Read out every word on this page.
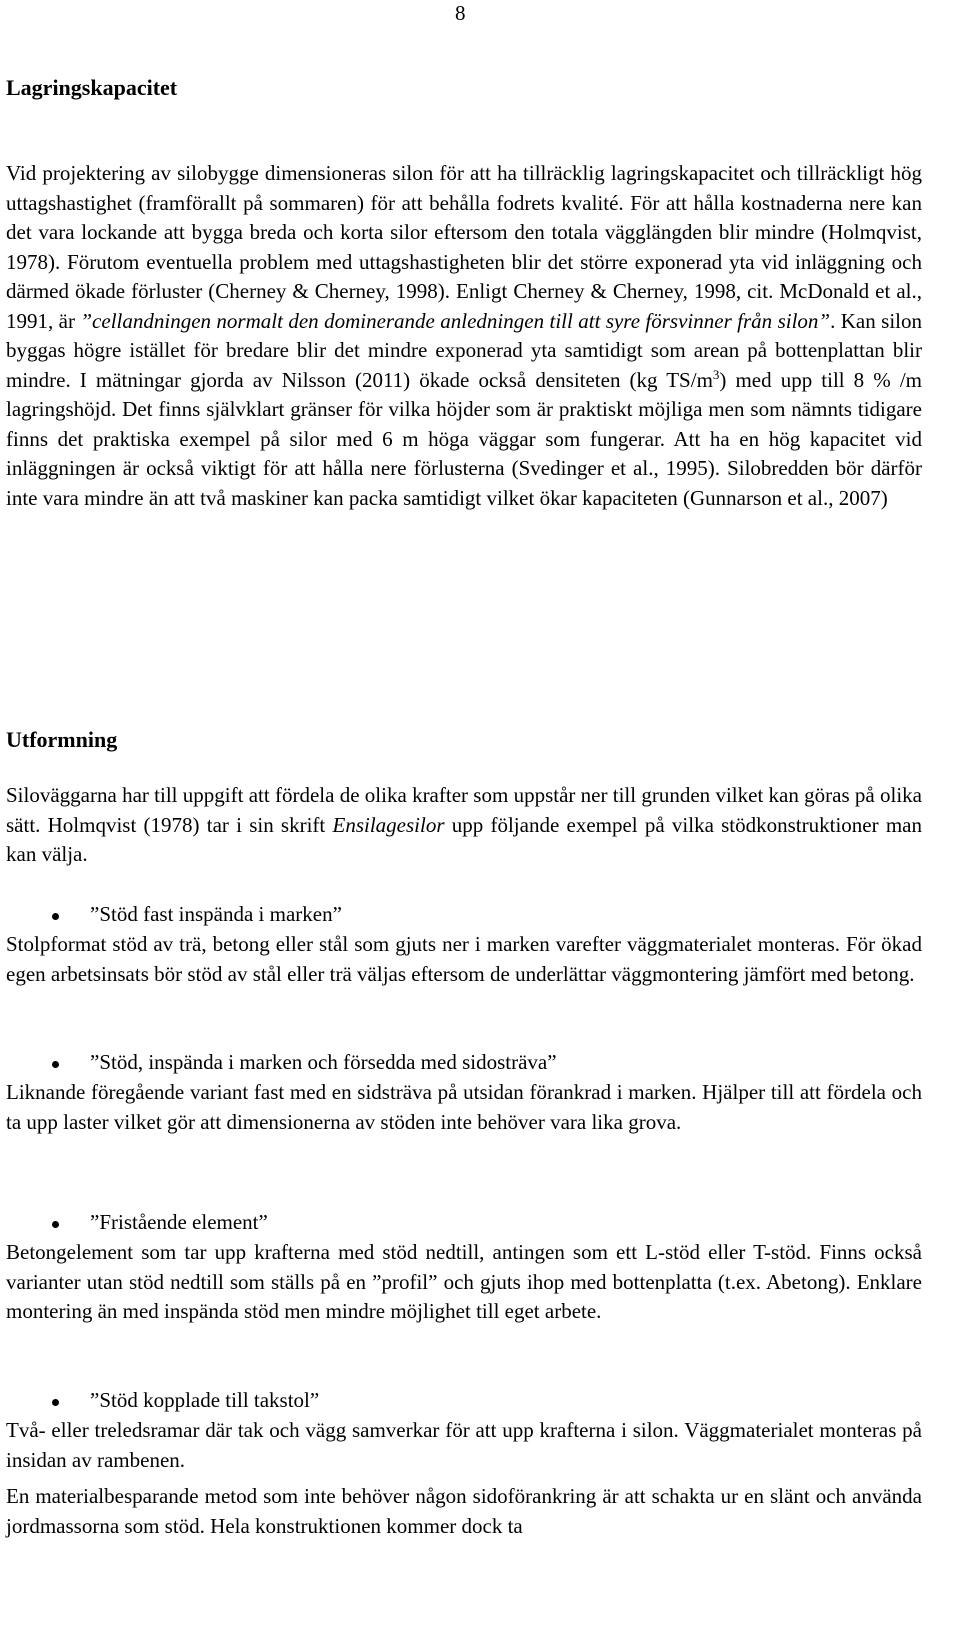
8
Lagringskapacitet
Vid projektering av silobygge dimensioneras silon för att ha tillräcklig lagringskapacitet och tillräckligt hög uttagshastighet (framförallt på sommaren) för att behålla fodrets kvalité. För att hålla kostnaderna nere kan det vara lockande att bygga breda och korta silor eftersom den totala vägglängden blir mindre (Holmqvist, 1978). Förutom eventuella problem med uttagshastigheten blir det större exponerad yta vid inläggning och därmed ökade förluster (Cherney & Cherney, 1998). Enligt Cherney & Cherney, 1998, cit. McDonald et al., 1991, är ”cellandningen normalt den dominerande anledningen till att syre försvinner från silon”. Kan silon byggas högre istället för bredare blir det mindre exponerad yta samtidigt som arean på bottenplattan blir mindre. I mätningar gjorda av Nilsson (2011) ökade också densiteten (kg $TS/m^3$) med upp till 8 % /m lagringshöjd. Det finns självklart gränser för vilka höjder som är praktiskt möjliga men som nämnts tidigare finns det praktiska exempel på silor med 6 m höga väggar som fungerar. Att ha en hög kapacitet vid inläggningen är också viktigt för att hålla nere förlusterna (Svedinger et al., 1995). Silobredden bör därför inte vara mindre än att två maskiner kan packa samtidigt vilket ökar kapaciteten (Gunnarson et al., 2007)
Utformning
Siloväggarna har till uppgift att fördela de olika krafter som uppstår ner till grunden vilket kan göras på olika sätt. Holmqvist (1978) tar i sin skrift Ensilagesilor upp följande exempel på vilka stödkonstruktioner man kan välja.
”Stöd fast inspända i marken”
Stolpformat stöd av trä, betong eller stål som gjuts ner i marken varefter väggmaterialet monteras. För ökad egen arbetsinsats bör stöd av stål eller trä väljas eftersom de underlättar väggmontering jämfört med betong.
”Stöd, inspända i marken och försedda med sidosträva”
Liknande föregående variant fast med en sidsträva på utsidan förankrad i marken. Hjälper till att fördela och ta upp laster vilket gör att dimensionerna av stöden inte behöver vara lika grova.
”Fristående element”
Betongelement som tar upp krafterna med stöd nedtill, antingen som ett L-stöd eller T-stöd. Finns också varianter utan stöd nedtill som ställs på en ”profil” och gjuts ihop med bottenplatta (t.ex. Abetong). Enklare montering än med inspända stöd men mindre möjlighet till eget arbete.
”Stöd kopplade till takstol”
Två- eller treledsramar där tak och vägg samverkar för att upp krafterna i silon. Väggmaterialet monteras på insidan av rambenen.
En materialbesparande metod som inte behöver någon sidoförankring är att schakta ur en slänt och använda jordmassorna som stöd. Hela konstruktionen kommer dock ta
